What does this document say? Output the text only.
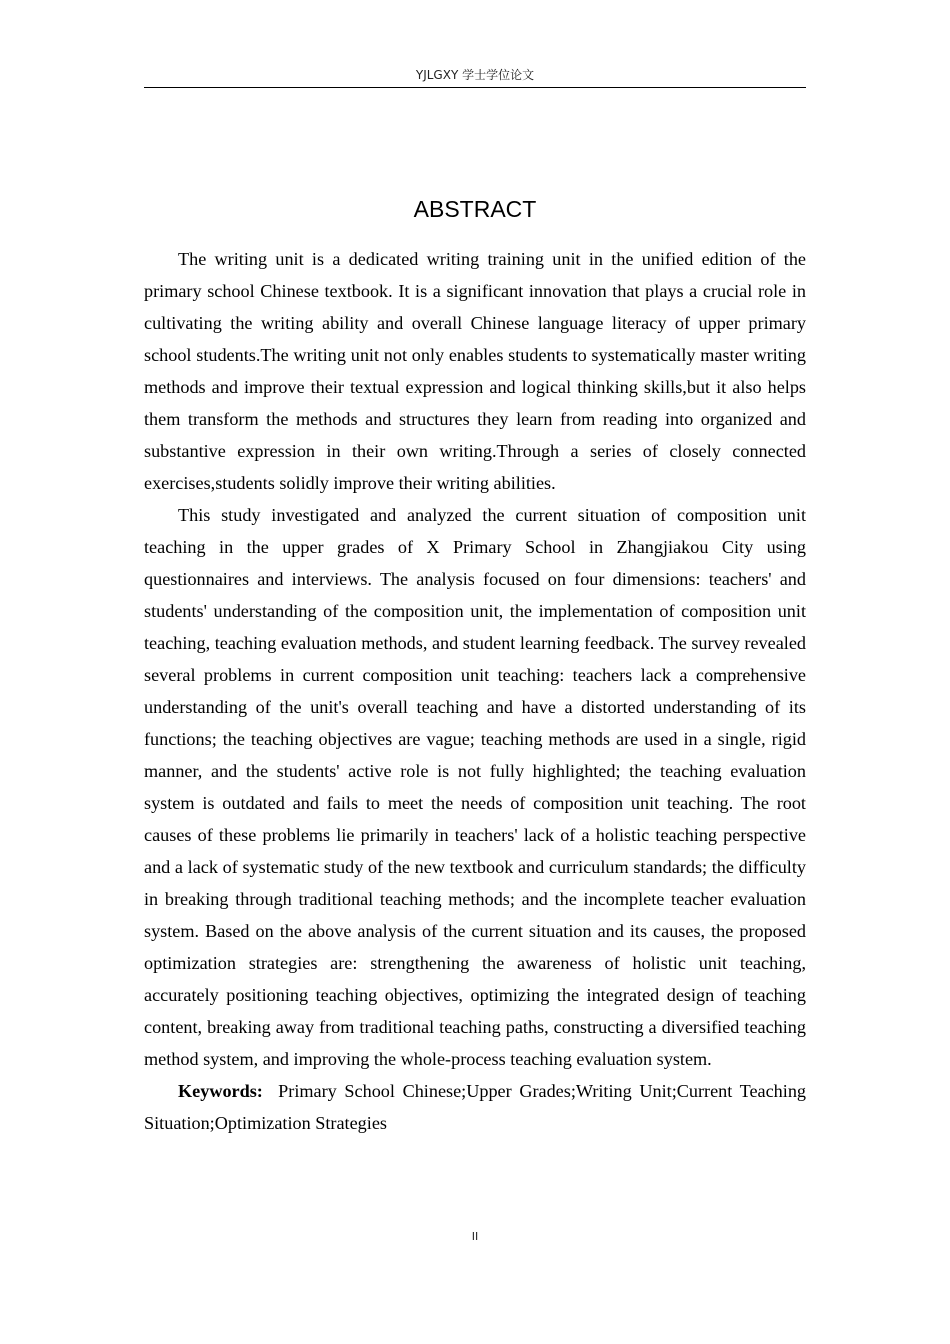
YJLGXY 学士学位论文
ABSTRACT

The writing unit is a dedicated writing training unit in the unified edition of the primary school Chinese textbook. It is a significant innovation that plays a crucial role in cultivating the writing ability and overall Chinese language literacy of upper primary school students.The writing unit not only enables students to systematically master writing methods and improve their textual expression and logical thinking skills,but it also helps them transform the methods and structures they learn from reading into organized and substantive expression in their own writing.Through a series of closely connected exercises,students solidly improve their writing abilities.

This study investigated and analyzed the current situation of composition unit teaching in the upper grades of X Primary School in Zhangjiakou City using questionnaires and interviews. The analysis focused on four dimensions: teachers' and students' understanding of the composition unit, the implementation of composition unit teaching, teaching evaluation methods, and student learning feedback. The survey revealed several problems in current composition unit teaching: teachers lack a comprehensive understanding of the unit's overall teaching and have a distorted understanding of its functions; the teaching objectives are vague; teaching methods are used in a single, rigid manner, and the students' active role is not fully highlighted; the teaching evaluation system is outdated and fails to meet the needs of composition unit teaching. The root causes of these problems lie primarily in teachers' lack of a holistic teaching perspective and a lack of systematic study of the new textbook and curriculum standards; the difficulty in breaking through traditional teaching methods; and the incomplete teacher evaluation system. Based on the above analysis of the current situation and its causes, the proposed optimization strategies are: strengthening the awareness of holistic unit teaching, accurately positioning teaching objectives, optimizing the integrated design of teaching content, breaking away from traditional teaching paths, constructing a diversified teaching method system, and improving the whole-process teaching evaluation system.

Keywords: Primary School Chinese;Upper Grades;Writing Unit;Current Teaching Situation;Optimization Strategies

II
